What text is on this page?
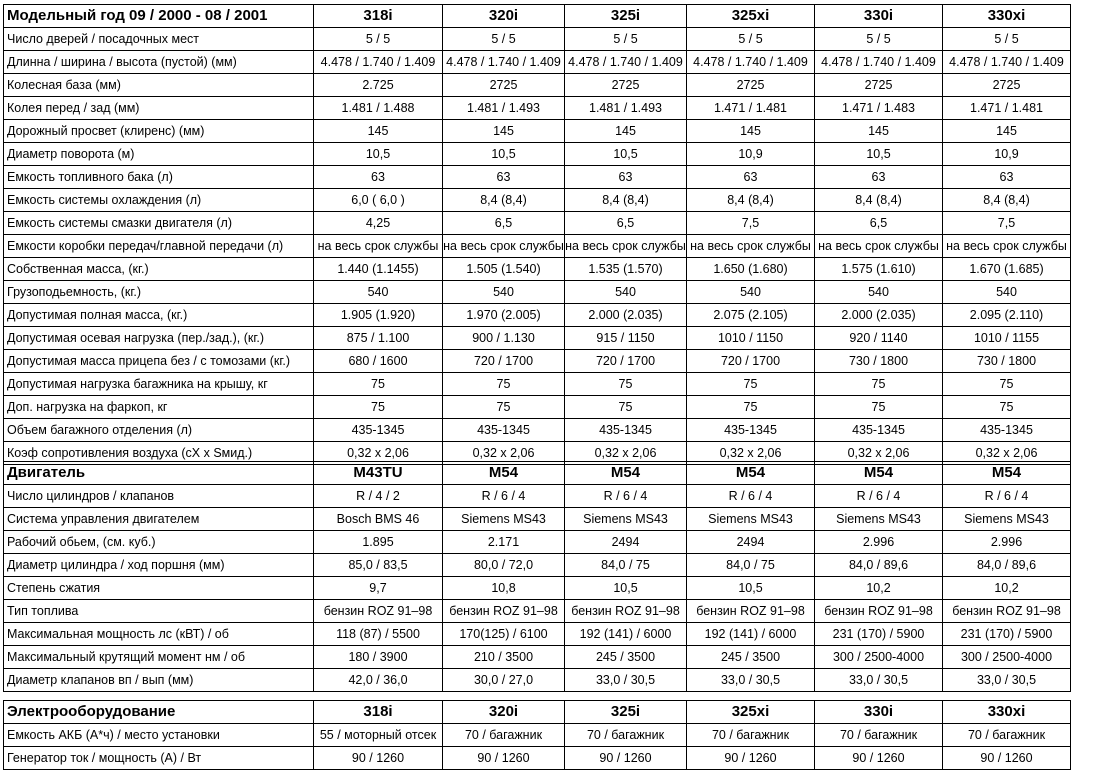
Модельный год 09 / 2000 - 08 / 2001	318i	320i	325i	325xi	330i	330xi
Число дверей / посадочных мест	5 / 5	5 / 5	5 / 5	5 / 5	5 / 5	5 / 5
Длинна / ширина / высота (пустой) (мм)	4.478 / 1.740 / 1.409	4.478 / 1.740 / 1.409	4.478 / 1.740 / 1.409	4.478 / 1.740 / 1.409	4.478 / 1.740 / 1.409	4.478 / 1.740 / 1.409
Колесная база (мм)	2.725	2725	2725	2725	2725	2725
Колея перед / зад (мм)	1.481 / 1.488	1.481 / 1.493	1.481 / 1.493	1.471 / 1.481	1.471 / 1.483	1.471 / 1.481
Дорожный просвет (клиренс) (мм)	145	145	145	145	145	145
Диаметр поворота (м)	10,5	10,5	10,5	10,9	10,5	10,9
Емкость топливного бака (л)	63	63	63	63	63	63
Емкость системы охлаждения (л)	6,0 ( 6,0 )	8,4 (8,4)	8,4 (8,4)	8,4 (8,4)	8,4 (8,4)	8,4 (8,4)
Емкость системы смазки двигателя (л)	4,25	6,5	6,5	7,5	6,5	7,5
Емкости коробки передач/главной передачи (л)	на весь срок службы	на весь срок службы	на весь срок службы	на весь срок службы	на весь срок службы	на весь срок службы
Собственная масса, (кг.)	1.440 (1.1455)	1.505 (1.540)	1.535 (1.570)	1.650 (1.680)	1.575 (1.610)	1.670 (1.685)
Грузоподьемность, (кг.)	540	540	540	540	540	540
Допустимая полная масса, (кг.)	1.905 (1.920)	1.970 (2.005)	2.000 (2.035)	2.075 (2.105)	2.000 (2.035)	2.095 (2.110)
Допустимая осевая нагрузка (пер./зад.), (кг.)	875 / 1.100	900 / 1.130	915 / 1150	1010 / 1150	920 / 1140	1010 / 1155
Допустимая масса прицепа без / с томозами (кг.)	680 / 1600	720 / 1700	720 / 1700	720 / 1700	730 / 1800	730 / 1800
Допустимая нагрузка багажника на крышу, кг	75	75	75	75	75	75
Доп. нагрузка на фаркоп, кг	75	75	75	75	75	75
Объем багажного отделения (л)	435-1345	435-1345	435-1345	435-1345	435-1345	435-1345
Коэф сопротивления воздуха (cX x Sмид.)	0,32 x 2,06	0,32 x 2,06	0,32 x 2,06	0,32 x 2,06	0,32 x 2,06	0,32 x 2,06
Двигатель	M43TU	M54	M54	M54	M54	M54
Число цилиндров / клапанов	R / 4 / 2	R / 6 / 4	R / 6 / 4	R / 6 / 4	R / 6 / 4	R / 6 / 4
Система управления двигателем	Bosch BMS 46	Siemens MS43	Siemens MS43	Siemens MS43	Siemens MS43	Siemens MS43
Рабочий обьем, (см. куб.)	1.895	2.171	2494	2494	2.996	2.996
Диаметр цилиндра / ход поршня (мм)	85,0 / 83,5	80,0 / 72,0	84,0 / 75	84,0 / 75	84,0 / 89,6	84,0 / 89,6
Степень сжатия	9,7	10,8	10,5	10,5	10,2	10,2
Тип топлива	бензин ROZ 91–98	бензин ROZ 91–98	бензин ROZ 91–98	бензин ROZ 91–98	бензин ROZ 91–98	бензин ROZ 91–98
Максимальная мощность лс (кВТ) / об	118 (87) / 5500	170(125) / 6100	192 (141) / 6000	192 (141) / 6000	231 (170) / 5900	231 (170) / 5900
Максимальный крутящий момент нм / об	180 / 3900	210 / 3500	245 / 3500	245 / 3500	300 / 2500-4000	300 / 2500-4000
Диаметр клапанов вп / вып (мм)	42,0 / 36,0	30,0 / 27,0	33,0 / 30,5	33,0 / 30,5	33,0 / 30,5	33,0 / 30,5
Электрооборудование	318i	320i	325i	325xi	330i	330xi
Емкость АКБ (А*ч) / место установки	55 / моторный отсек	70 / багажник	70 / багажник	70 / багажник	70 / багажник	70 / багажник
Генератор ток / мощность (А) / Вт	90 / 1260	90 / 1260	90 / 1260	90 / 1260	90 / 1260	90 / 1260
